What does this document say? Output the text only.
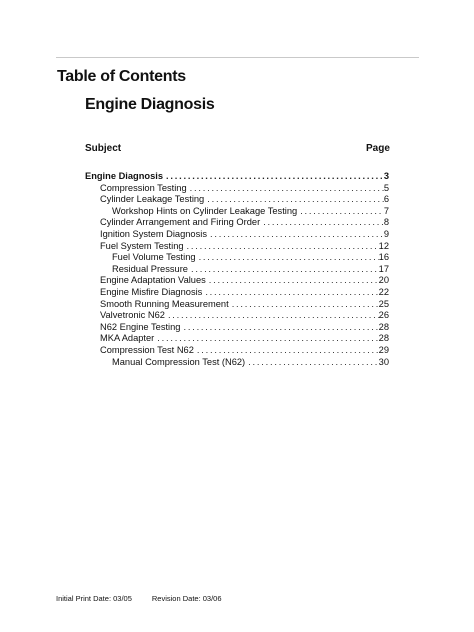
Table of Contents
Engine Diagnosis
Subject	Page
Engine Diagnosis . . .	3
Compression Testing . . .	5
Cylinder Leakage Testing . . .	6
Workshop Hints on Cylinder Leakage Testing . . .	7
Cylinder Arrangement and Firing Order . . .	8
Ignition System Diagnosis . . .	9
Fuel System Testing . . .	12
Fuel Volume Testing . . .	16
Residual Pressure . . .	17
Engine Adaptation Values . . .	20
Engine Misfire Diagnosis . . .	22
Smooth Running Measurement . . .	25
Valvetronic N62 . . .	26
N62 Engine Testing . . .	28
MKA Adapter . . .	28
Compression Test N62 . . .	29
Manual Compression Test (N62) . . .	30
Initial Print Date: 03/05	Revision Date: 03/06
